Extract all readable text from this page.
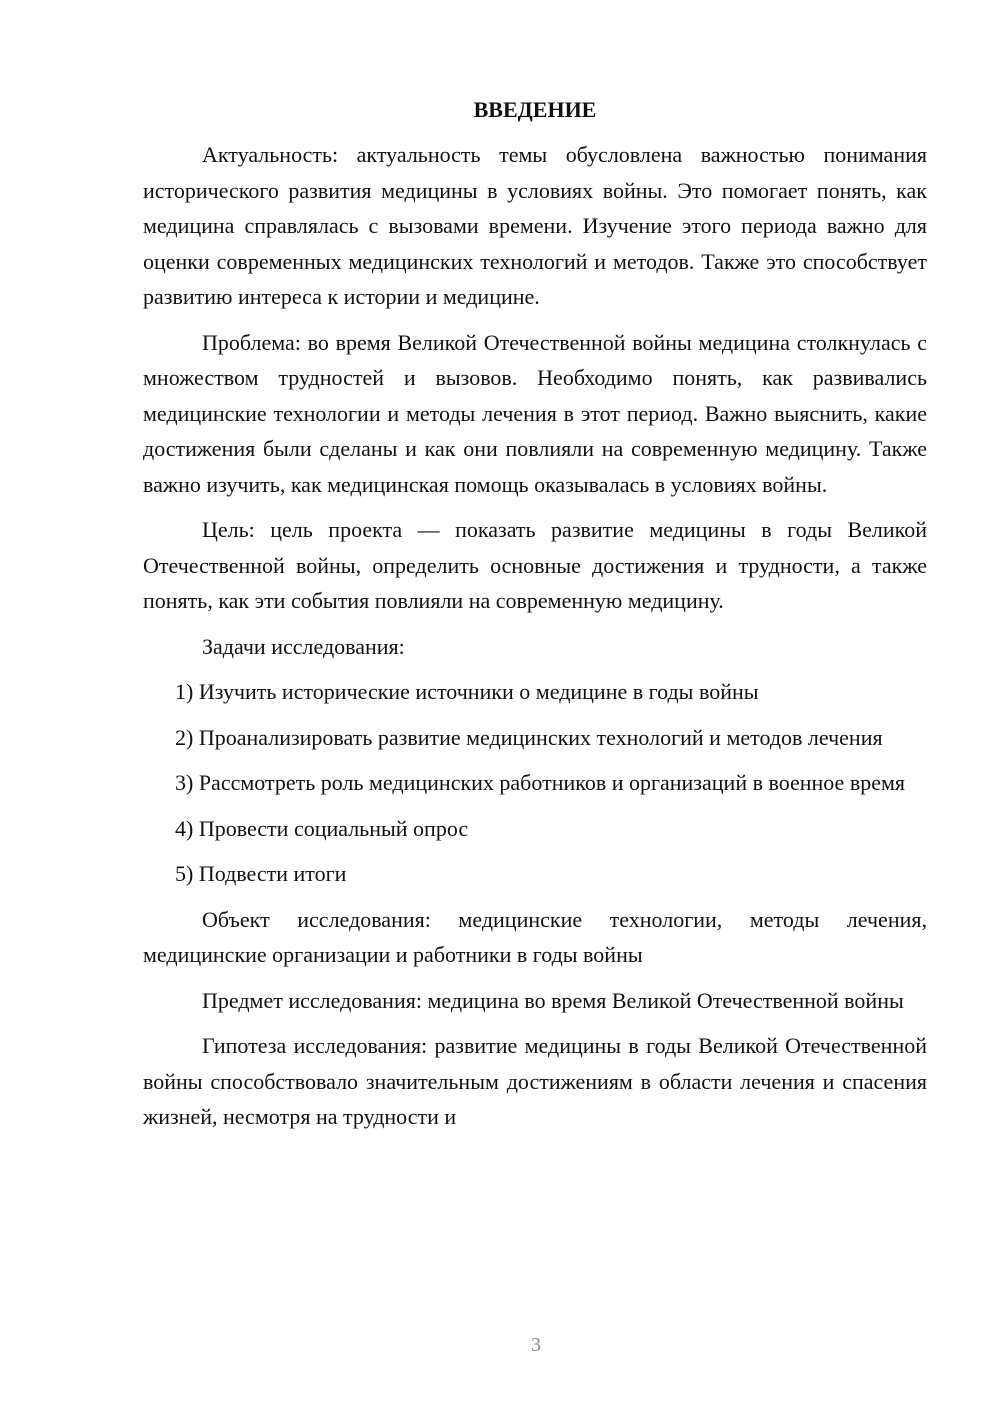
ВВЕДЕНИЕ

Актуальность: актуальность темы обусловлена важностью понимания исторического развития медицины в условиях войны. Это помогает понять, как медицина справлялась с вызовами времени. Изучение этого периода важно для оценки современных медицинских технологий и методов. Также это способствует развитию интереса к истории и медицине.

Проблема: во время Великой Отечественной войны медицина столкнулась с множеством трудностей и вызовов. Необходимо понять, как развивались медицинские технологии и методы лечения в этот период. Важно выяснить, какие достижения были сделаны и как они повлияли на современную медицину. Также важно изучить, как медицинская помощь оказывалась в условиях войны.

Цель: цель проекта — показать развитие медицины в годы Великой Отечественной войны, определить основные достижения и трудности, а также понять, как эти события повлияли на современную медицину.

Задачи исследования:

1) Изучить исторические источники о медицине в годы войны

2) Проанализировать развитие медицинских технологий и методов лечения

3) Рассмотреть роль медицинских работников и организаций в военное время

4) Провести социальный опрос

5) Подвести итоги

Объект исследования: медицинские технологии, методы лечения, медицинские организации и работники в годы войны

Предмет исследования: медицина во время Великой Отечественной войны

Гипотеза исследования: развитие медицины в годы Великой Отечественной войны способствовало значительным достижениям в области лечения и спасения жизней, несмотря на трудности и

3
